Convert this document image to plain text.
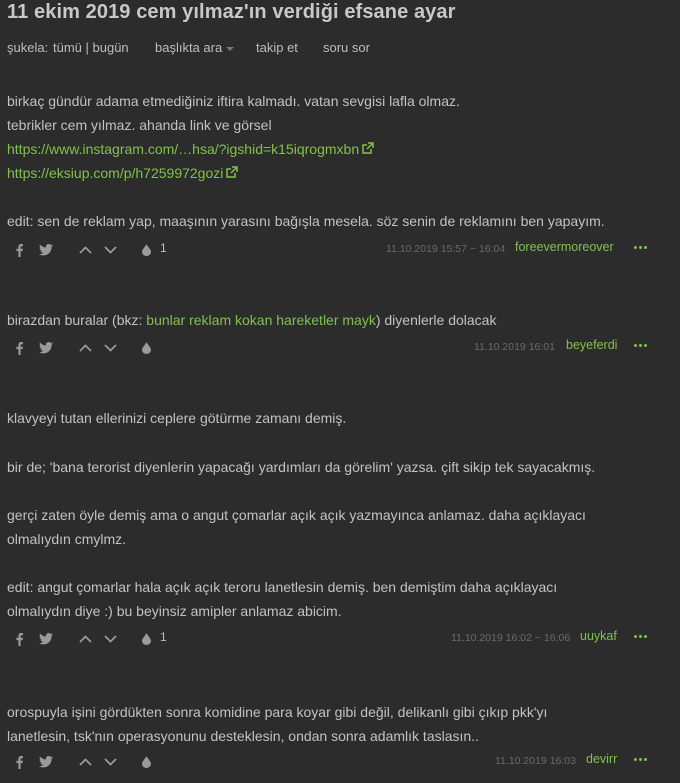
11 ekim 2019 cem yılmaz'ın verdiği efsane ayar
şukela: tümü | bugün başlıkta ara	takip et soru sor
birkaç gündür adama etmediğiniz iftira kalmadı. vatan sevgisi lafla olmaz.
tebrikler cem yılmaz. ahanda link ve görsel
https://www.instagram.com/…hsa/?igshid=k15iqrogmxbn
https://eksiup.com/p/h7259972gozi
edit: sen de reklam yap, maaşının yarasını bağışla mesela. söz senin de reklamını ben yapayım.
1	11.10.2019 15:57 ~ 16:04 foreevermoreover
birazdan buralar (bkz: bunlar reklam kokan hareketler mayk) diyenlerle dolacak
11.10.2019 16:01 beyeferdi
klavyeyi tutan ellerinizi ceplere götürme zamanı demiş.
bir de; 'bana terorist diyenlerin yapacağı yardımları da görelim' yazsa. çift sikip tek sayacakmış.
gerçi zaten öyle demiş ama o angut çomarlar açık açık yazmayınca anlamaz. daha açıklayacı
olmalıydın cmylmz.
edit: angut çomarlar hala açık açık teroru lanetlesin demiş. ben demiştim daha açıklayacı
olmalıydın diye :) bu beyinsiz amipler anlamaz abicim.
1	11.10.2019 16:02 ~ 16:06 uuykaf
orospuyla işini gördükten sonra komidine para koyar gibi değil, delikanlı gibi çıkıp pkk'yı
lanetlesin, tsk'nın operasyonunu desteklesin, ondan sonra adamlık taslasın..
11.10.2019 16:03 devirr
